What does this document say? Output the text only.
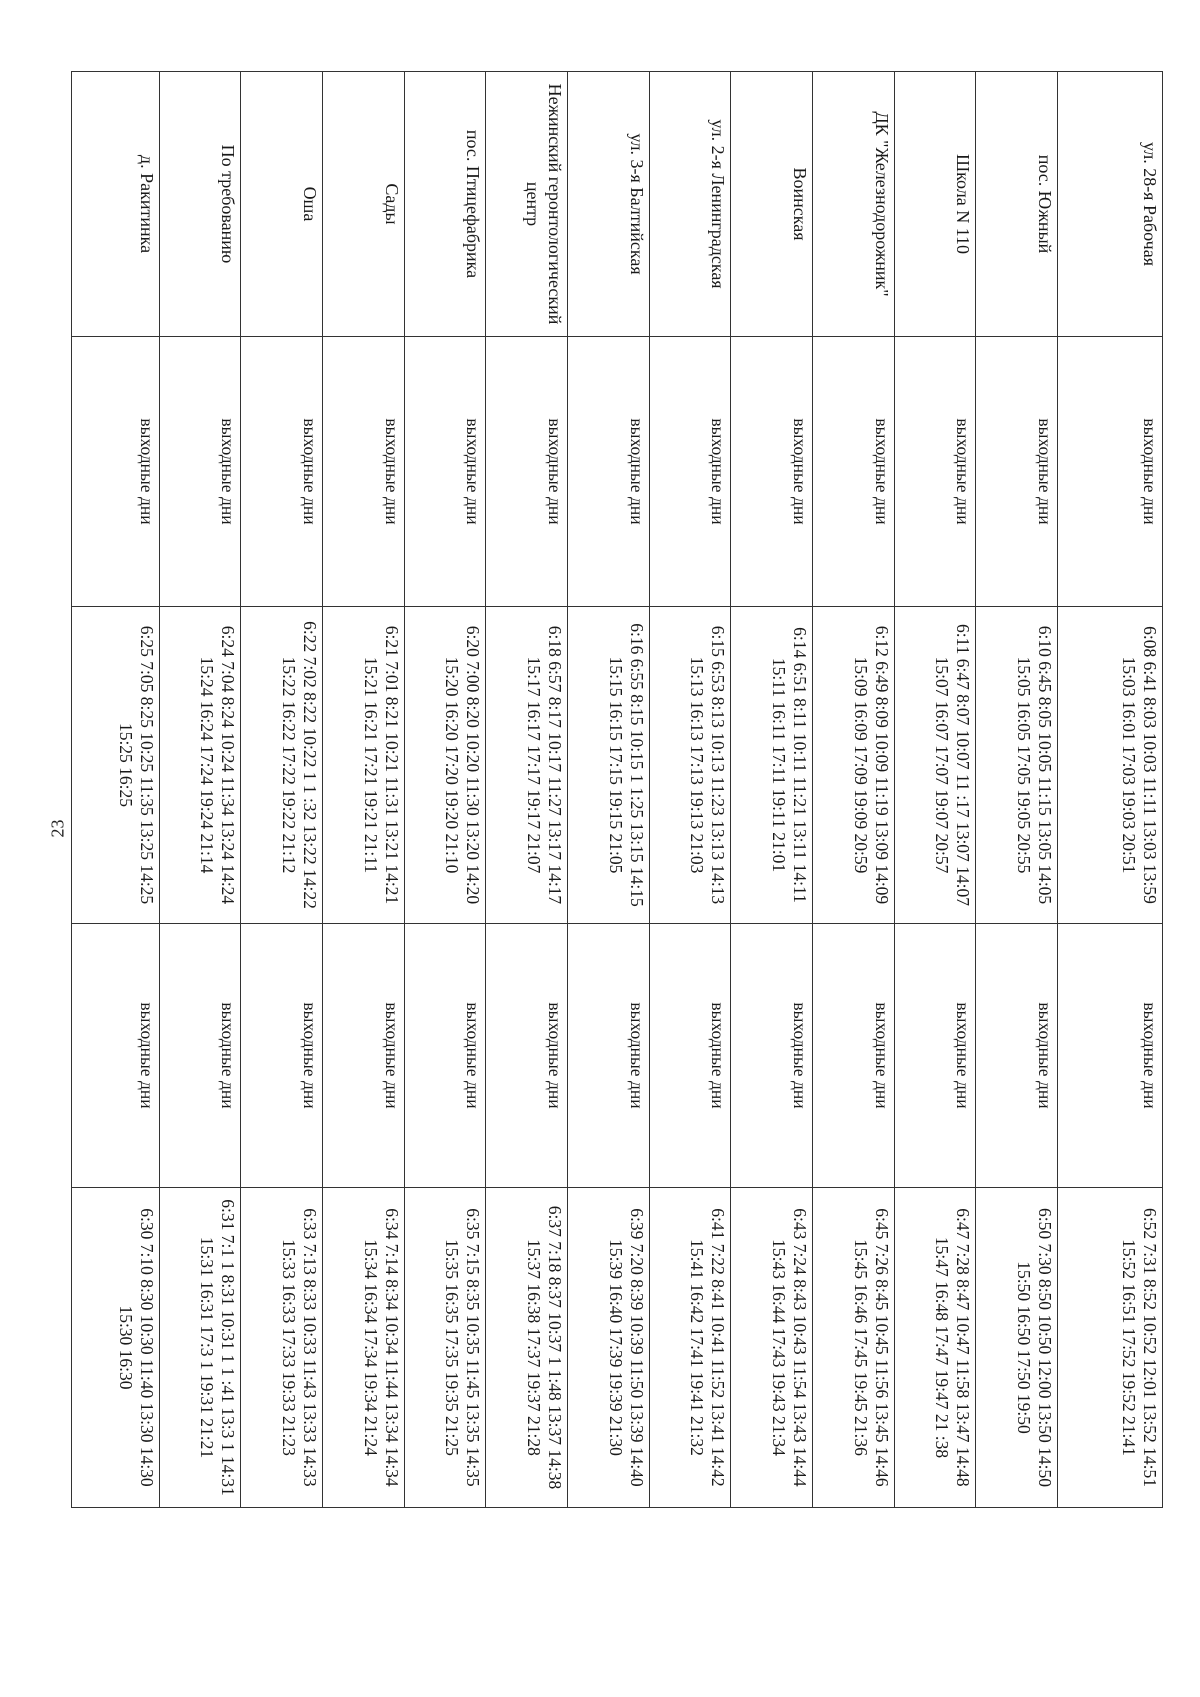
23
ул. 28-я Рабочая	выходные дни	6:08 6:41 8:03 10:03 11:11 13:03 13:59 15:03 16:01 17:03 19:03 20:51	выходные дни	6:52 7:31 8:52 10:52 12:01 13:52 14:51 15:52 16:51 17:52 19:52 21:41
пос. Южный	выходные дни	6:10 6:45 8:05 10:05 11:15 13:05 14:05 15:05 16:05 17:05 19:05 20:55	выходные дни	6:50 7:30 8:50 10:50 12:00 13:50 14:50 15:50 16:50 17:50 19:50
Школа N 110	выходные дни	6:11 6:47 8:07 10:07 11 :17 13:07 14:07 15:07 16:07 17:07 19:07 20:57	выходные дни	6:47 7:28 8:47 10:47 11:58 13:47 14:48 15:47 16:48 17:47 19:47 21 :38
ДК "Железнодорожник"	выходные дни	6:12 6:49 8:09 10:09 11:19 13:09 14:09 15:09 16:09 17:09 19:09 20:59	выходные дни	6:45 7:26 8:45 10:45 11:56 13:45 14:46 15:45 16:46 17:45 19:45 21:36
Воинская	выходные дни	6:14 6:51 8:11 10:11 11:21 13:11 14:11 15:11 16:11 17:11 19:11 21:01	выходные дни	6:43 7:24 8:43 10:43 11:54 13:43 14:44 15:43 16:44 17:43 19:43 21:34
ул. 2-я Ленинградская	выходные дни	6:15 6:53 8:13 10:13 11:23 13:13 14:13 15:13 16:13 17:13 19:13 21:03	выходные дни	6:41 7:22 8:41 10:41 11:52 13:41 14:42 15:41 16:42 17:41 19:41 21:32
ул. 3-я Балтийская	выходные дни	6:16 6:55 8:15 10:15 1 1:25 13:15 14:15 15:15 16:15 17:15 19:15 21:05	выходные дни	6:39 7:20 8:39 10:39 11:50 13:39 14:40 15:39 16:40 17:39 19:39 21:30
Нежинский геронтологический центр	выходные дни	6:18 6:57 8:17 10:17 11:27 13:17 14:17 15:17 16:17 17:17 19:17 21:07	выходные дни	6:37 7:18 8:37 10:37 1 1:48 13:37 14:38 15:37 16:38 17:37 19:37 21:28
пос. Птицефабрика	выходные дни	6:20 7:00 8:20 10:20 11:30 13:20 14:20 15:20 16:20 17:20 19:20 21:10	выходные дни	6:35 7:15 8:35 10:35 11:45 13:35 14:35 15:35 16:35 17:35 19:35 21:25
Сады	выходные дни	6:21 7:01 8:21 10:21 11:31 13:21 14:21 15:21 16:21 17:21 19:21 21:11	выходные дни	6:34 7:14 8:34 10:34 11:44 13:34 14:34 15:34 16:34 17:34 19:34 21:24
Оша	выходные дни	6:22 7:02 8:22 10:22 1 1 :32 13:22 14:22 15:22 16:22 17:22 19:22 21:12	выходные дни	6:33 7:13 8:33 10:33 11:43 13:33 14:33 15:33 16:33 17:33 19:33 21:23
По требованию	выходные дни	6:24 7:04 8:24 10:24 11:34 13:24 14:24 15:24 16:24 17:24 19:24 21:14	выходные дни	6:31 7:1 1 8:31 10:31 1 1 :41 13:3 1 14:31 15:31 16:31 17:3 1 19:31 21:21
д. Ракитинка	выходные дни	6:25 7:05 8:25 10:25 11:35 13:25 14:25 15:25 16:25	выходные дни	6:30 7:10 8:30 10:30 11:40 13:30 14:30 15:30 16:30
